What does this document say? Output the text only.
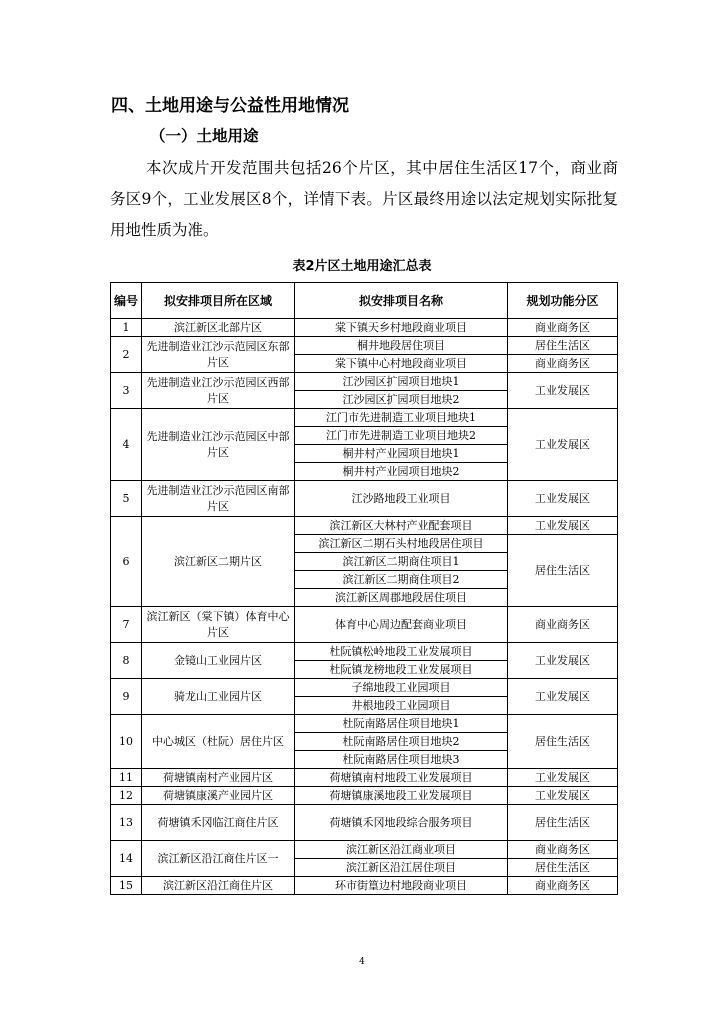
四、土地用途与公益性用地情况
（一）土地用途

本次成片开发范围共包括26个片区，其中居住生活区17个，商业商务区9个，工业发展区8个，详情下表。片区最终用途以法定规划实际批复用地性质为准。

表2片区土地用途汇总表

编号	拟安排项目所在区域	拟安排项目名称	规划功能分区
1	滨江新区北部片区	棠下镇天乡村地段商业项目	商业商务区
2	先进制造业江沙示范园区东部片区	桐井地段居住项目	居住生活区
		棠下镇中心村地段商业项目	商业商务区
3	先进制造业江沙示范园区西部片区	江沙园区扩园项目地块1	工业发展区
		江沙园区扩园项目地块2	
4	先进制造业江沙示范园区中部片区	江门市先进制造工业项目地块1	工业发展区
		江门市先进制造工业项目地块2	
		桐井村产业园项目地块1	
		桐井村产业园项目地块2	
5	先进制造业江沙示范园区南部片区	江沙路地段工业项目	工业发展区
6	滨江新区二期片区	滨江新区大林村产业配套项目	工业发展区
		滨江新区二期石头村地段居住项目	居住生活区
		滨江新区二期商住项目1	
		滨江新区二期商住项目2	
		滨江新区周郡地段居住项目	
7	滨江新区（棠下镇）体育中心片区	体育中心周边配套商业项目	商业商务区
8	金镜山工业园片区	杜阮镇松岭地段工业发展项目	工业发展区
		杜阮镇龙榜地段工业发展项目	
9	骑龙山工业园片区	子绵地段工业园项目	工业发展区
		井根地段工业园项目	
10	中心城区（杜阮）居住片区	杜阮南路居住项目地块1	居住生活区
		杜阮南路居住项目地块2	
		杜阮南路居住项目地块3	
11	荷塘镇南村产业园片区	荷塘镇南村地段工业发展项目	工业发展区
12	荷塘镇康溪产业园片区	荷塘镇康溪地段工业发展项目	工业发展区
13	荷塘镇禾冈临江商住片区	荷塘镇禾冈地段综合服务项目	居住生活区
14	滨江新区沿江商住片区一	滨江新区沿江商业项目	商业商务区
		滨江新区沿江居住项目	居住生活区
15	滨江新区沿江商住片区	环市街篁边村地段商业项目	商业商务区

4
